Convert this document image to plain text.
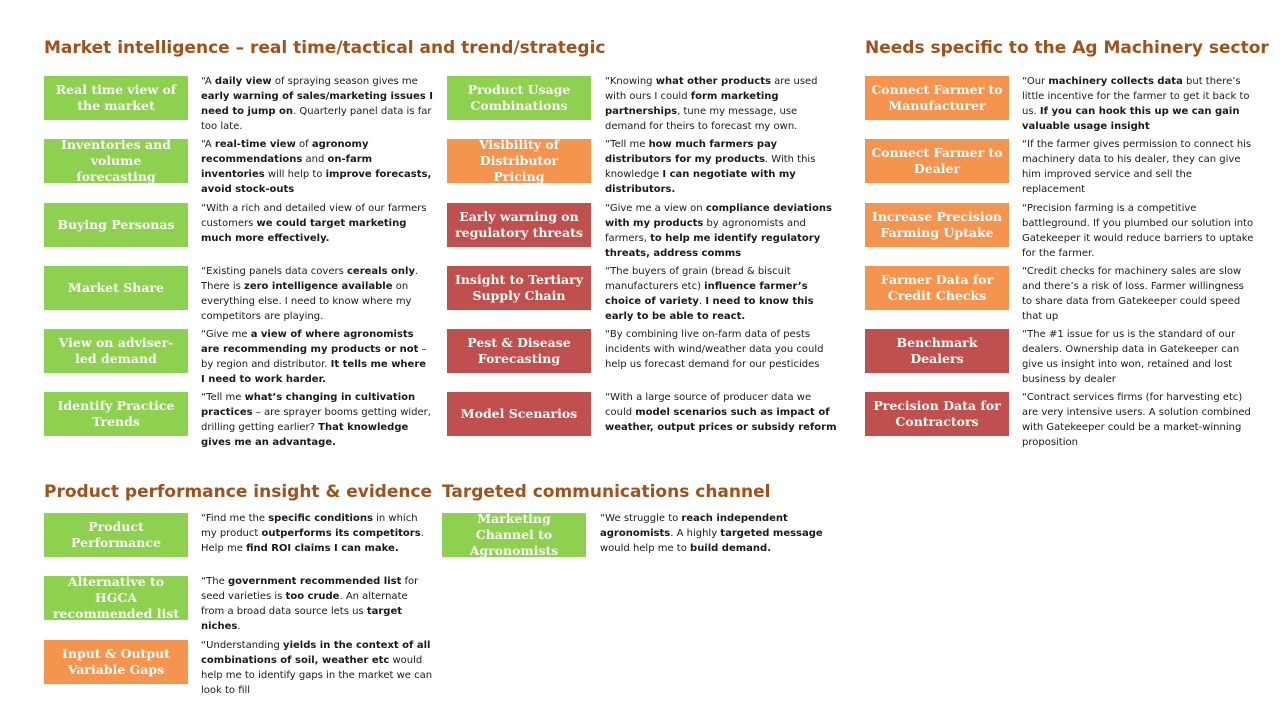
Market intelligence – real time/tactical and trend/strategic	Needs specific to the Ag Machinery sector
Product performance insight & evidence Targeted communications channel
Real time view of the market
“A daily view of spraying season gives me early warning of sales/marketing issues I need to jump on. Quarterly panel data is far too late.
Inventories and volume forecasting
“A real-time view of agronomy recommendations and on-farm inventories will help to improve forecasts, avoid stock-outs
Buying Personas
“With a rich and detailed view of our farmers customers we could target marketing much more effectively.
Market Share
“Existing panels data covers cereals only. There is zero intelligence available on everything else. I need to know where my competitors are playing.
View on adviser-led demand
“Give me a view of where agronomists are recommending my products or not – by region and distributor. It tells me where I need to work harder.
Identify Practice Trends
“Tell me what’s changing in cultivation practices – are sprayer booms getting wider, drilling getting earlier? That knowledge gives me an advantage.
Product Usage Combinations
“Knowing what other products are used with ours I could form marketing partnerships, tune my message, use demand for theirs to forecast my own.
Visibility of Distributor Pricing
“Tell me how much farmers pay distributors for my products. With this knowledge I can negotiate with my distributors.
Early warning on regulatory threats
“Give me a view on compliance deviations with my products by agronomists and farmers, to help me identify regulatory threats, address comms
Insight to Tertiary Supply Chain
“The buyers of grain (bread & biscuit manufacturers etc) influence farmer’s choice of variety. I need to know this early to be able to react.
Pest & Disease Forecasting
“By combining live on-farm data of pests incidents with wind/weather data you could help us forecast demand for our pesticides
Model Scenarios
“With a large source of producer data we could model scenarios such as impact of weather, output prices or subsidy reform
Connect Farmer to Manufacturer
“Our machinery collects data but there’s little incentive for the farmer to get it back to us. If you can hook this up we can gain valuable usage insight
Connect Farmer to Dealer
“If the farmer gives permission to connect his machinery data to his dealer, they can give him improved service and sell the replacement
Increase Precision Farming Uptake
“Precision farming is a competitive battleground. If you plumbed our solution into Gatekeeper it would reduce barriers to uptake for the farmer.
Farmer Data for Credit Checks
“Credit checks for machinery sales are slow and there’s a risk of loss. Farmer willingness to share data from Gatekeeper could speed that up
Benchmark Dealers
“The #1 issue for us is the standard of our dealers. Ownership data in Gatekeeper can give us insight into won, retained and lost business by dealer
Precision Data for Contractors
“Contract services firms (for harvesting etc) are very intensive users. A solution combined with Gatekeeper could be a market-winning proposition
Product Performance
“Find me the specific conditions in which my product outperforms its competitors. Help me find ROI claims I can make.
Alternative to HGCA recommended list
“The government recommended list for seed varieties is too crude. An alternate from a broad data source lets us target niches.
Input & Output Variable Gaps
“Understanding yields in the context of all combinations of soil, weather etc would help me to identify gaps in the market we can look to fill
Marketing Channel to Agronomists
“We struggle to reach independent agronomists. A highly targeted message would help me to build demand.
